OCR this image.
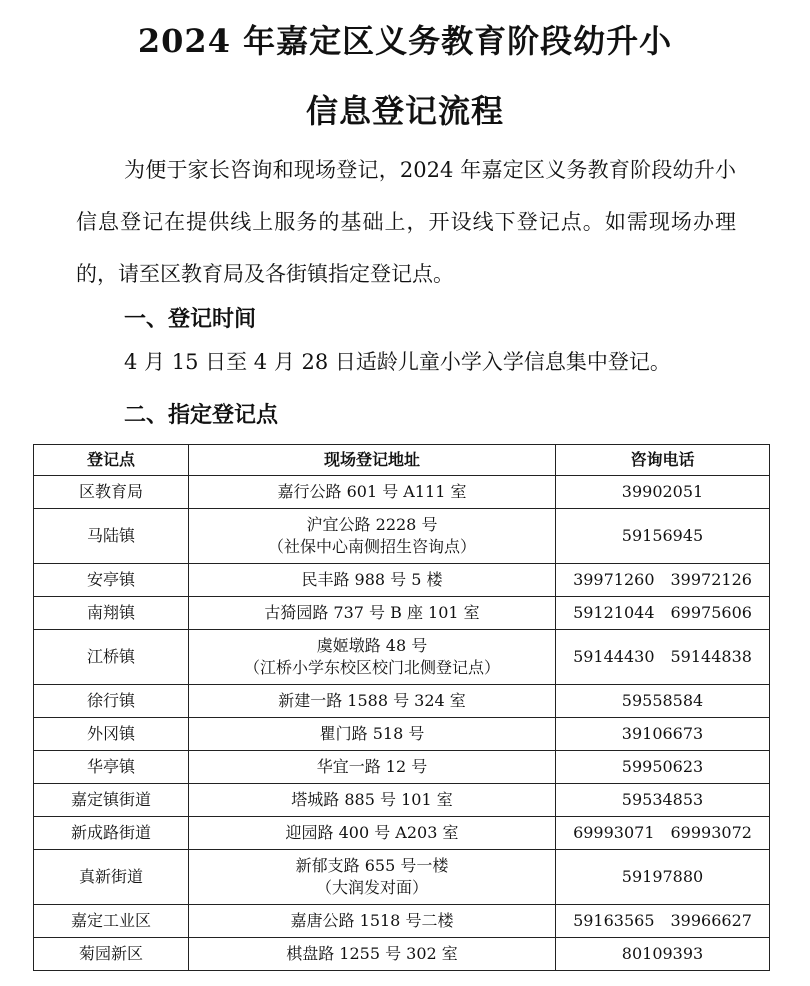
2024 年嘉定区义务教育阶段幼升小
信息登记流程
为便于家长咨询和现场登记，2024 年嘉定区义务教育阶段幼升小信息登记在提供线上服务的基础上，开设线下登记点。如需现场办理的，请至区教育局及各街镇指定登记点。
一、登记时间
4 月 15 日至 4 月 28 日适龄儿童小学入学信息集中登记。
二、指定登记点
登记点	现场登记地址	咨询电话
区教育局	嘉行公路 601 号 A111 室	39902051
马陆镇	沪宜公路 2228 号
（社保中心南侧招生咨询点）	59156945
安亭镇	民丰路 988 号 5 楼	39971260 39972126
南翔镇	古猗园路 737 号 B 座 101 室	59121044 69975606
江桥镇	虞姬墩路 48 号
（江桥小学东校区校门北侧登记点）	59144430 59144838
徐行镇	新建一路 1588 号 324 室	59558584
外冈镇	瞿门路 518 号	39106673
华亭镇	华宜一路 12 号	59950623
嘉定镇街道	塔城路 885 号 101 室	59534853
新成路街道	迎园路 400 号 A203 室	69993071 69993072
真新街道	新郁支路 655 号一楼
（大润发对面）	59197880
嘉定工业区	嘉唐公路 1518 号二楼	59163565 39966627
菊园新区	棋盘路 1255 号 302 室	80109393
